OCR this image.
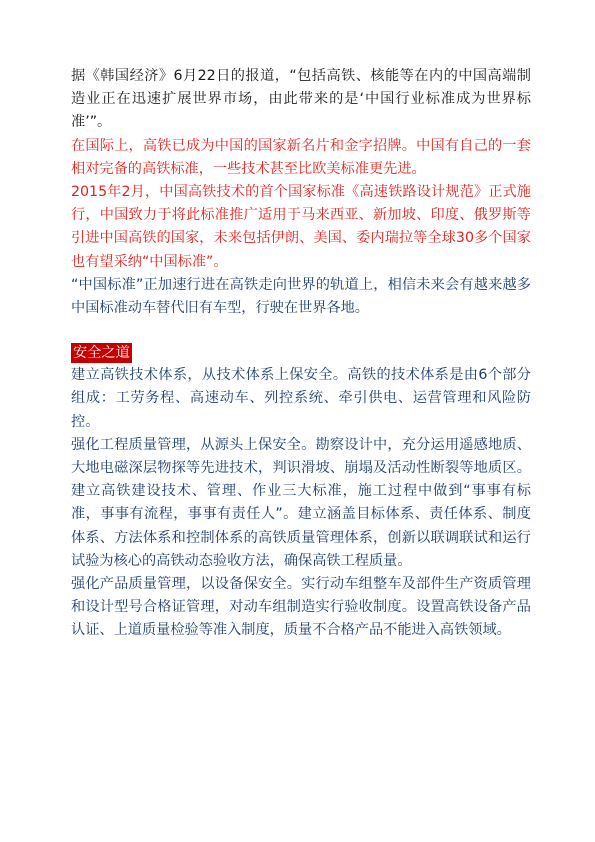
据《韩国经济》6月22日的报道，“包括高铁、核能等在内的中国高端制造业正在迅速扩展世界市场，由此带来的是‘中国行业标准成为世界标准’”。

在国际上，高铁已成为中国的国家新名片和金字招牌。中国有自己的一套相对完备的高铁标准，一些技术甚至比欧美标准更先进。

2015年2月，中国高铁技术的首个国家标准《高速铁路设计规范》正式施行，中国致力于将此标准推广适用于马来西亚、新加坡、印度、俄罗斯等引进中国高铁的国家，未来包括伊朗、美国、委内瑞拉等全球30多个国家也有望采纳“中国标准”。

“中国标准”正加速行进在高铁走向世界的轨道上，相信未来会有越来越多中国标准动车替代旧有车型，行驶在世界各地。

安全之道

建立高铁技术体系，从技术体系上保安全。高铁的技术体系是由6个部分组成：工劳务程、高速动车、列控系统、牵引供电、运营管理和风险防控。

强化工程质量管理，从源头上保安全。勘察设计中，充分运用遥感地质、大地电磁深层物探等先进技术，判识滑坡、崩塌及活动性断裂等地质区。建立高铁建设技术、管理、作业三大标准，施工过程中做到“事事有标准，事事有流程，事事有责任人”。建立涵盖目标体系、责任体系、制度体系、方法体系和控制体系的高铁质量管理体系，创新以联调联试和运行试验为核心的高铁动态验收方法，确保高铁工程质量。

强化产品质量管理，以设备保安全。实行动车组整车及部件生产资质管理和设计型号合格证管理，对动车组制造实行验收制度。设置高铁设备产品认证、上道质量检验等准入制度，质量不合格产品不能进入高铁领域。
